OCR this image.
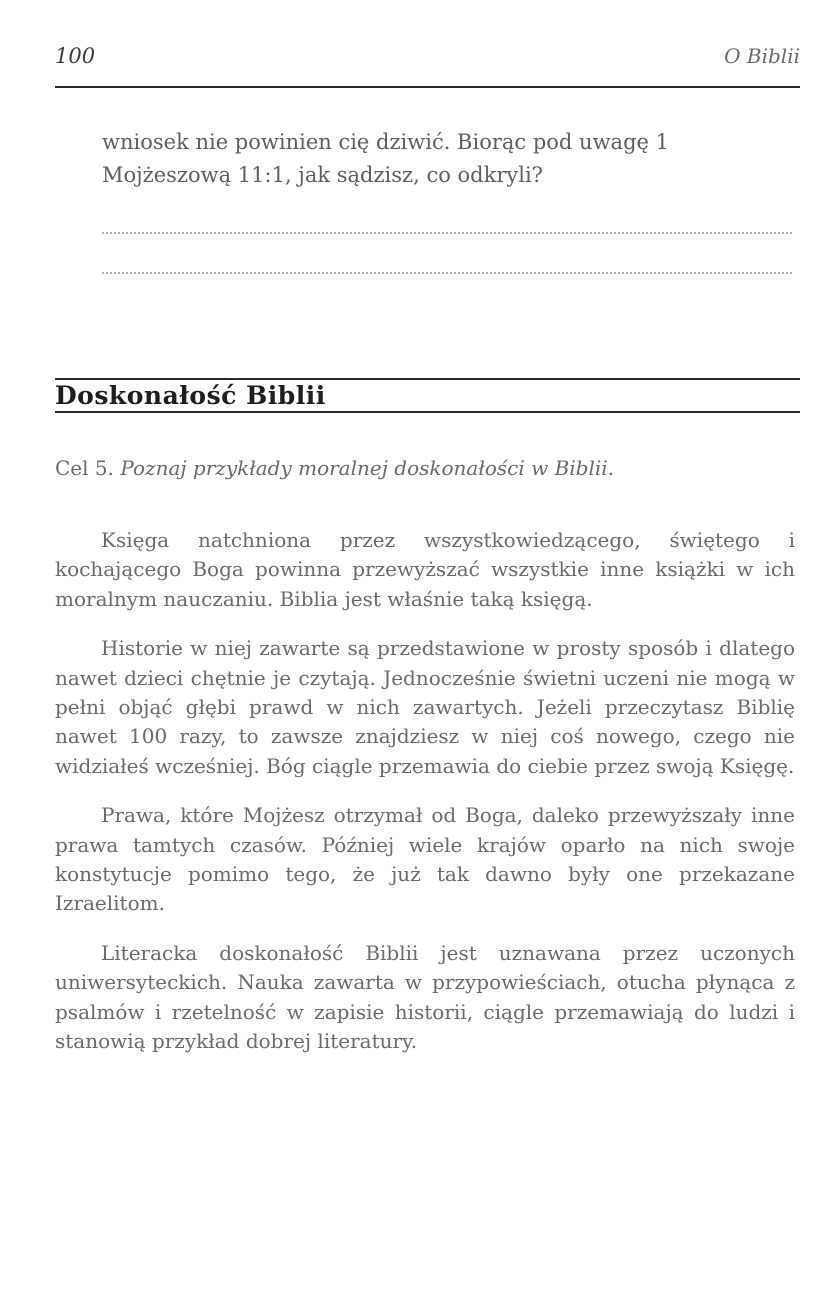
100	O Biblii

wniosek nie powinien cię dziwić. Biorąc pod uwagę 1 Mojżeszową 11:1, jak sądzisz, co odkryli?

Doskonałość Biblii
Cel 5. Poznaj przykłady moralnej doskonałości w Biblii.

Księga natchniona przez wszystkowiedzącego, świętego i kochającego Boga powinna przewyższać wszystkie inne książki w ich moralnym nauczaniu. Biblia jest właśnie taką księgą.

Historie w niej zawarte są przedstawione w prosty sposób i dlatego nawet dzieci chętnie je czytają. Jednocześnie świetni uczeni nie mogą w pełni objąć głębi prawd w nich zawartych. Jeżeli przeczytasz Biblię nawet 100 razy, to zawsze znajdziesz w niej coś nowego, czego nie widziałeś wcześniej. Bóg ciągle przemawia do ciebie przez swoją Księgę.

Prawa, które Mojżesz otrzymał od Boga, daleko przewyższały inne prawa tamtych czasów. Później wiele krajów oparło na nich swoje konstytucje pomimo tego, że już tak dawno były one przekazane Izraelitom.

Literacka doskonałość Biblii jest uznawana przez uczonych uniwersyteckich. Nauka zawarta w przypowieściach, otucha płynąca z psalmów i rzetelność w zapisie historii, ciągle przemawiają do ludzi i stanowią przykład dobrej literatury.
